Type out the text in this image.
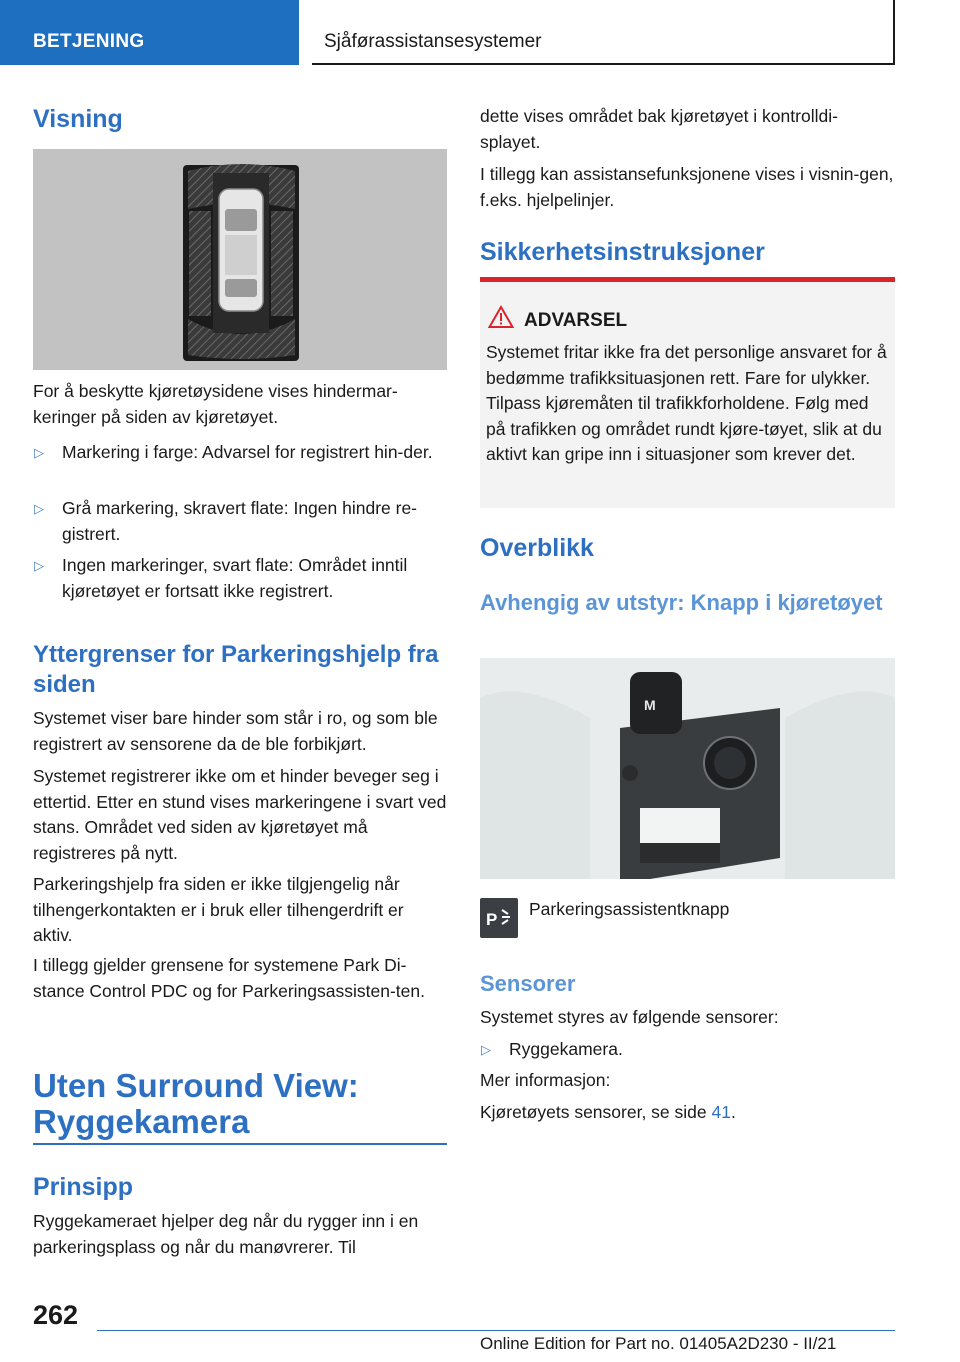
BETJENING	Sjåførassistansesystemer
Visning
For å beskytte kjøretøysidene vises hindermar-keringer på siden av kjøretøyet.
▷ Markering i farge: Advarsel for registrert hin-der.
▷ Grå markering, skravert flate: Ingen hindre re-gistrert.
▷ Ingen markeringer, svart flate: Området inntil kjøretøyet er fortsatt ikke registrert.
Yttergrenser for Parkeringshjelp fra siden
Systemet viser bare hinder som står i ro, og som ble registrert av sensorene da de ble forbikjørt.
Systemet registrerer ikke om et hinder beveger seg i ettertid. Etter en stund vises markeringene i svart ved stans. Området ved siden av kjøretøyet må registreres på nytt.
Parkeringshjelp fra siden er ikke tilgjengelig når tilhengerkontakten er i bruk eller tilhengerdrift er aktiv.
I tillegg gjelder grensene for systemene Park Di-stance Control PDC og for Parkeringsassisten-ten.
Uten Surround View: Ryggekamera
Prinsipp
Ryggekameraet hjelper deg når du rygger inn i en parkeringsplass og når du manøvrerer. Til
dette vises området bak kjøretøyet i kontrolldi-splayet.
I tillegg kan assistansefunksjonene vises i visnin-gen, f.eks. hjelpelinjer.
Sikkerhetsinstruksjoner
ADVARSEL
Systemet fritar ikke fra det personlige ansvaret for å bedømme trafikksituasjonen rett. Fare for ulykker. Tilpass kjøremåten til trafikkforholdene. Følg med på trafikken og området rundt kjøre-tøyet, slik at du aktivt kan gripe inn i situasjoner som krever det.
Overblikk
Avhengig av utstyr: Knapp i kjøretøyet
M
P
Parkeringsassistentknapp
Sensorer
Systemet styres av følgende sensorer:
▷ Ryggekamera.
Mer informasjon:
Kjøretøyets sensorer, se side 41.
262
Online Edition for Part no. 01405A2D230 - II/21
